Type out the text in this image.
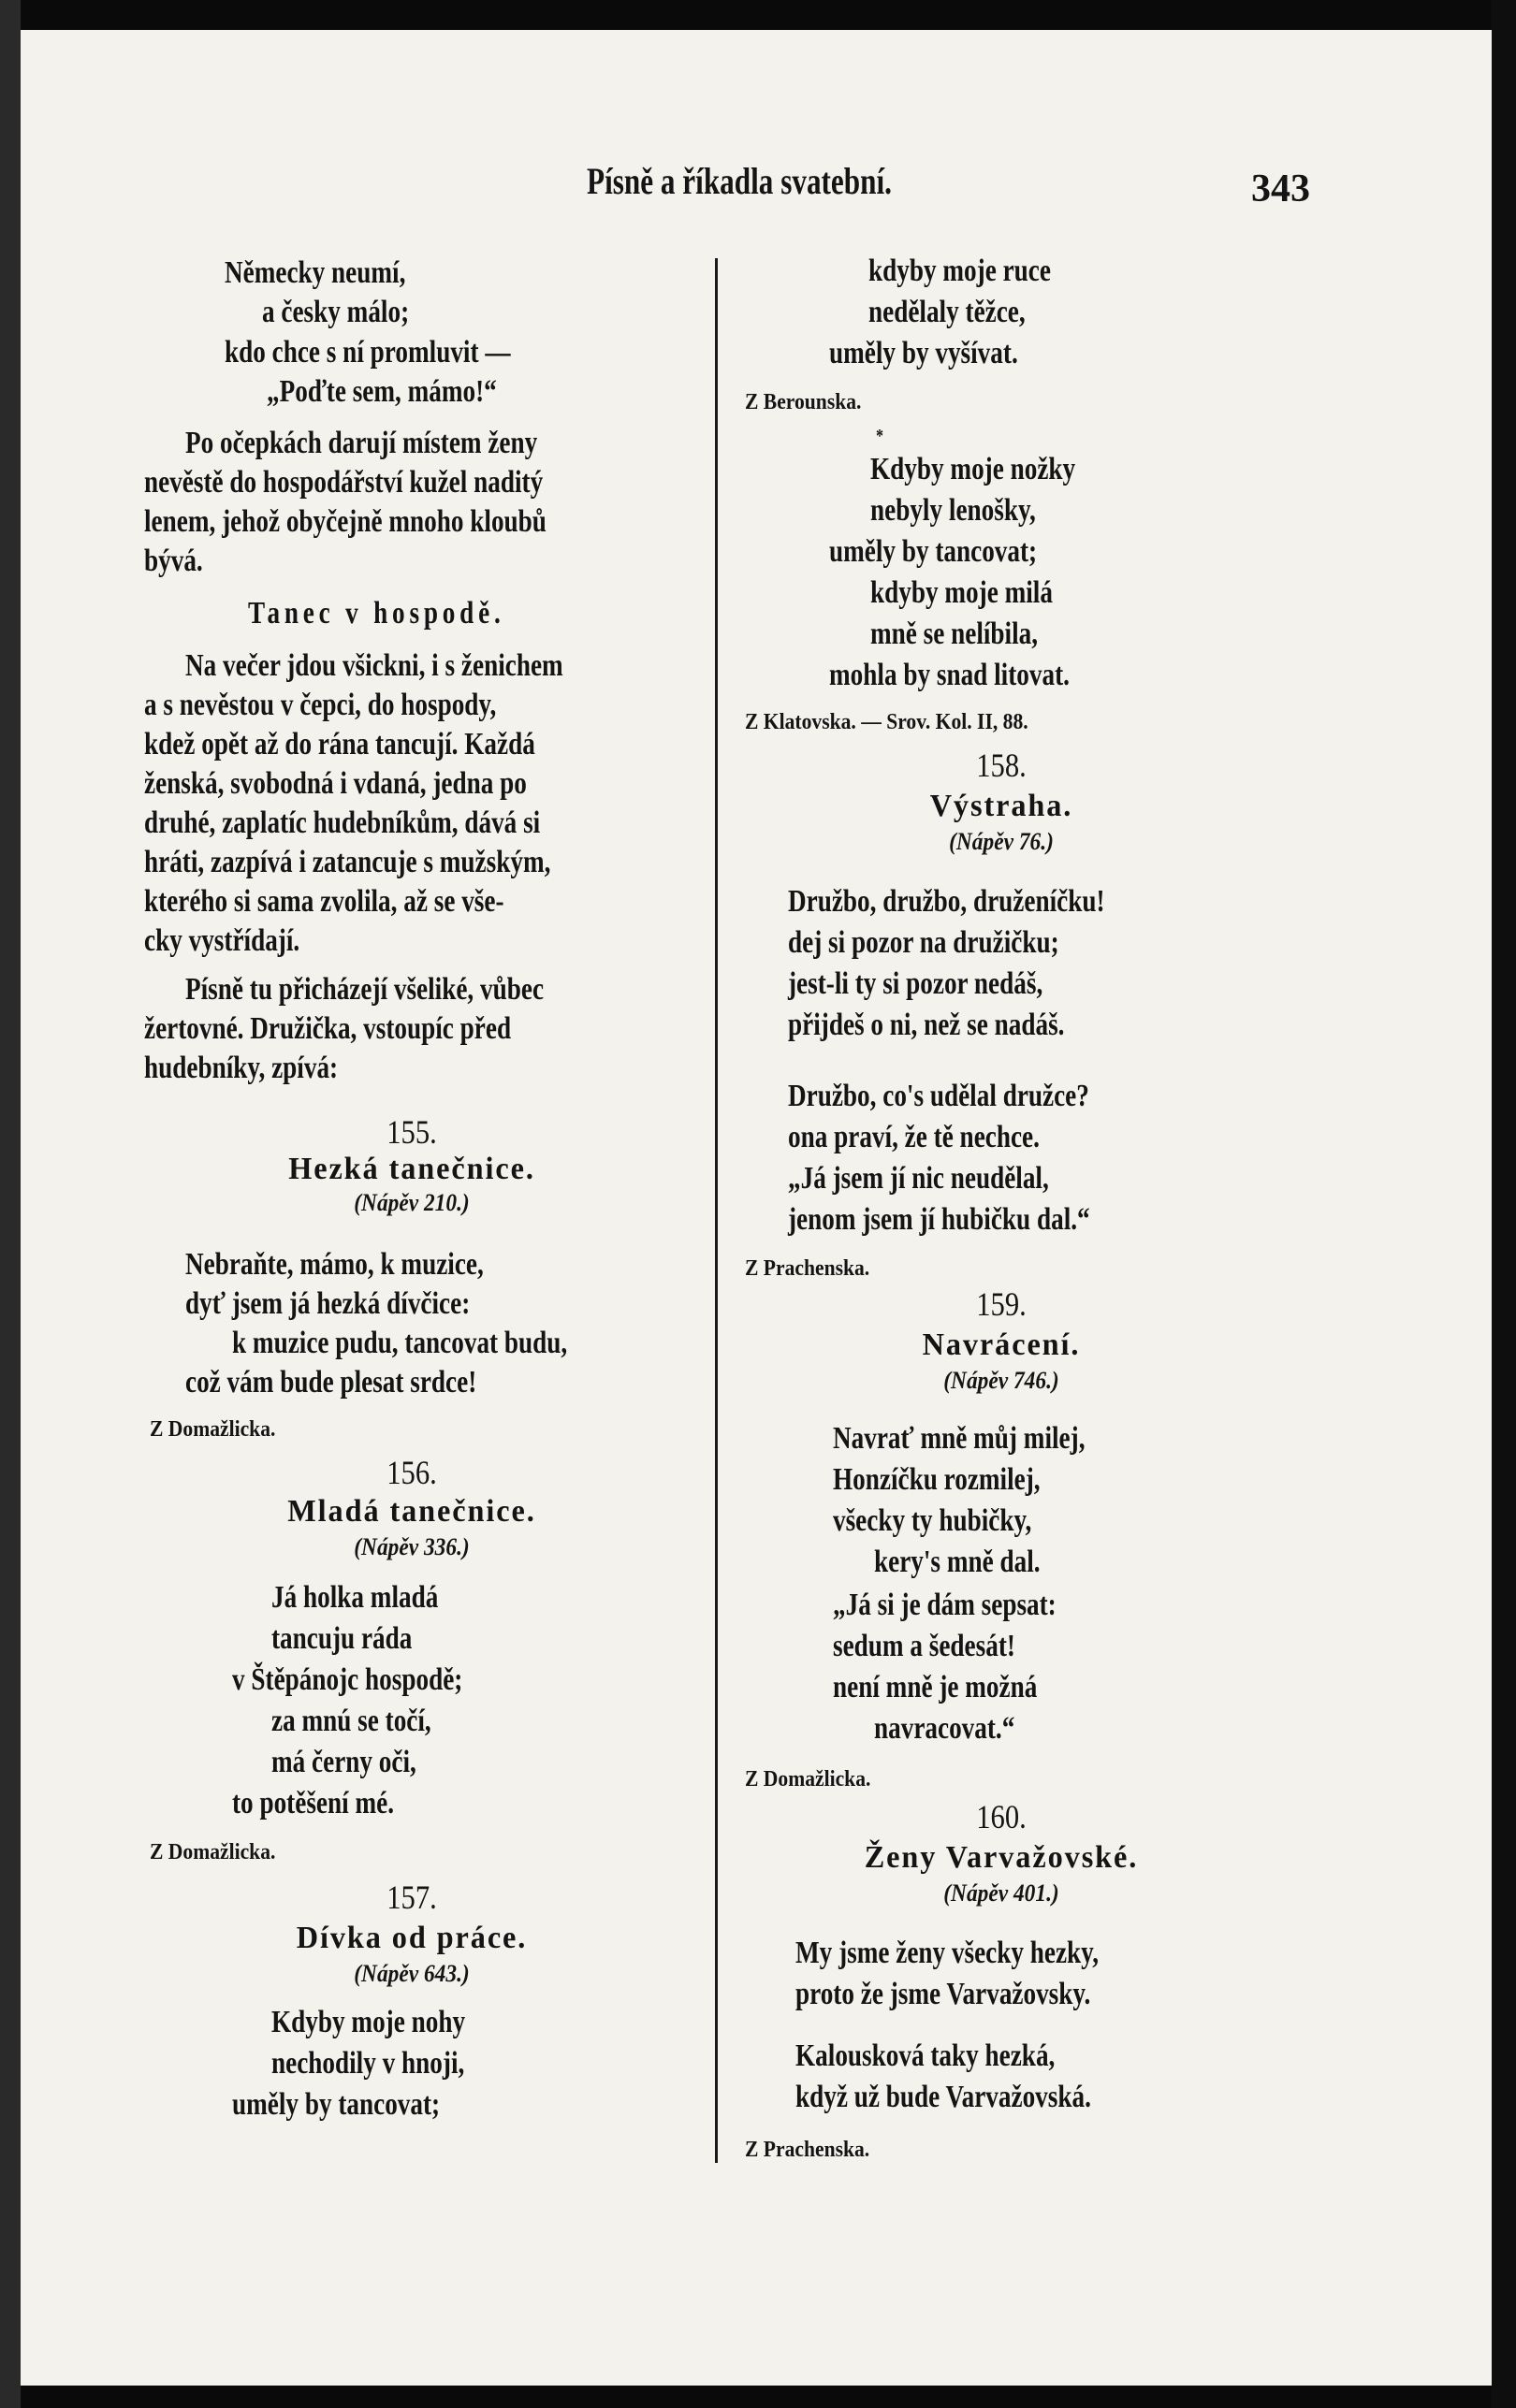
Písně a říkadla svatební.	343
Německy neumí,
a česky málo;
kdo chce s ní promluvit —
„Poďte sem, mámo!“
Po očepkách darují místem ženy
nevěstě do hospodářství kužel naditý
lenem, jehož obyčejně mnoho kloubů
bývá.
Tanec v hospodě.
Na večer jdou všickni, i s ženichem
a s nevěstou v čepci, do hospody,
kdež opět až do rána tancují. Každá
ženská, svobodná i vdaná, jedna po
druhé, zaplatíc hudebníkům, dává si
hráti, zazpívá i zatancuje s mužským,
kterého si sama zvolila, až se vše-
cky vystřídají.
Písně tu přicházejí všeliké, vůbec
žertovné. Družička, vstoupíc před
hudebníky, zpívá:
155.
Hezká tanečnice.
(Nápěv 210.)
Nebraňte, mámo, k muzice,
dyť jsem já hezká dívčice:
k muzice pudu, tancovat budu,
což vám bude plesat srdce!
Z Domažlicka.
156.
Mladá tanečnice.
(Nápěv 336.)
Já holka mladá
tancuju ráda
v Štěpánojc hospodě;
za mnú se točí,
má černy oči,
to potěšení mé.
Z Domažlicka.
157.
Dívka od práce.
(Nápěv 643.)
Kdyby moje nohy
nechodily v hnoji,
uměly by tancovat;
kdyby moje ruce
nedělaly těžce,
uměly by vyšívat.
Z Berounska.
*
Kdyby moje nožky
nebyly lenošky,
uměly by tancovat;
kdyby moje milá
mně se nelíbila,
mohla by snad litovat.
Z Klatovska. — Srov. Kol. II, 88.
158.
Výstraha.
(Nápěv 76.)
Družbo, družbo, druženíčku!
dej si pozor na družičku;
jest-li ty si pozor nedáš,
přijdeš o ni, než se nadáš.
Družbo, co's udělal družce?
ona praví, že tě nechce.
„Já jsem jí nic neudělal,
jenom jsem jí hubičku dal.“
Z Prachenska.
159.
Navrácení.
(Nápěv 746.)
Navrať mně můj milej,
Honzíčku rozmilej,
všecky ty hubičky,
kery's mně dal.
„Já si je dám sepsat:
sedum a šedesát!
není mně je možná
navracovat.“
Z Domažlicka.
160.
Ženy Varvažovské.
(Nápěv 401.)
My jsme ženy všecky hezky,
proto že jsme Varvažovsky.
Kalousková taky hezká,
když už bude Varvažovská.
Z Prachenska.
